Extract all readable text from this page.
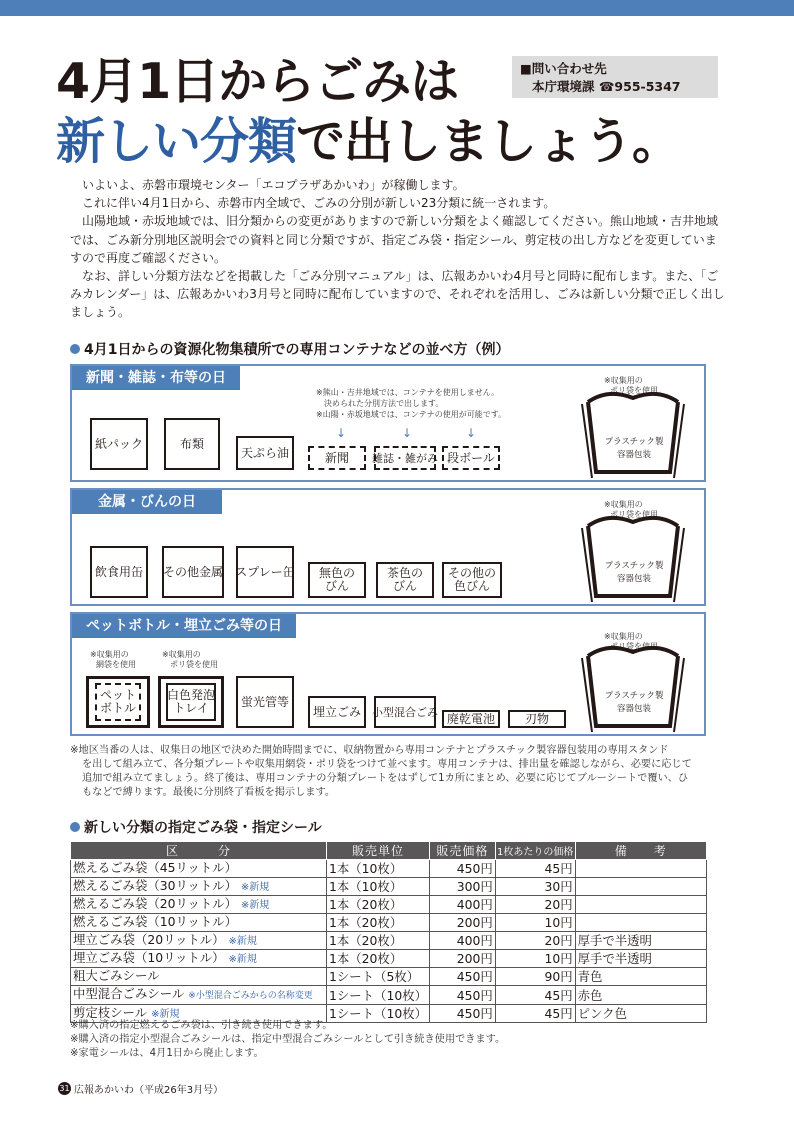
4月1日からごみは
新しい分類で出しましょう。
■問い合わせ先
本庁環境課 ☎955-5347

いよいよ、赤磐市環境センター「エコプラザあかいわ」が稼働します。

これに伴い4月1日から、赤磐市内全域で、ごみの分別が新しい23分類に統一されます。

山陽地域・赤坂地域では、旧分類からの変更がありますので新しい分類をよく確認してください。熊山地域・吉井地域では、ごみ新分別地区説明会での資料と同じ分類ですが、指定ごみ袋・指定シール、剪定枝の出し方などを変更していますので再度ご確認ください。

なお、詳しい分類方法などを掲載した「ごみ分別マニュアル」は、広報あかいわ4月号と同時に配布します。また、「ごみカレンダー」は、広報あかいわ3月号と同時に配布していますので、それぞれを活用し、ごみは新しい分類で正しく出しましょう。

4月1日からの資源化物集積所での専用コンテナなどの並べ方（例）
新聞・雑誌・布等の日
※熊山・吉井地域では、コンテナを使用しません。
決められた分別方法で出します。
※山陽・赤坂地域では、コンテナの使用が可能です。
↓	↓	↓
紙パック	布類
天ぷら油	新聞	雑誌・雑がみ 段ボール
※収集用の
ポリ袋を使用
プラスチック製
容器包装
金属・びんの日
飲食用缶	その他金属 スプレー缶 無色の
びん
茶色の
びん
その他の
色びん
※収集用の
ポリ袋を使用
プラスチック製
容器包装
ペットボトル・埋立ごみ等の日
※収集用の
網袋を使用
※収集用の
ポリ袋を使用
ペット
ボトル
白色発泡
トレイ	蛍光管等
埋立ごみ	小型混合ごみ 廃乾電池	刃物
※収集用の
ポリ袋を使用
プラスチック製
容器包装
※地区当番の人は、収集日の地区で決めた開始時間までに、収納物置から専用コンテナとプラスチック製容器包装用の専用スタンド
を出して組み立て、各分類プレートや収集用網袋・ポリ袋をつけて並べます。専用コンテナは、排出量を確認しながら、必要に応じて
追加で組み立てましょう。終了後は、専用コンテナの分類プレートをはずして1カ所にまとめ、必要に応じてブルーシートで覆い、ひ
もなどで縛ります。最後に分別終了看板を掲示します。
新しい分類の指定ごみ袋・指定シール
区　　　分	販売単位	販売価格	1枚あたりの価格	備　　考
燃えるごみ袋（45リットル）	1本（10枚）	450円	45円	
燃えるごみ袋（30リットル） ※新規	1本（10枚）	300円	30円	
燃えるごみ袋（20リットル） ※新規	1本（20枚）	400円	20円	
燃えるごみ袋（10リットル）	1本（20枚）	200円	10円	
埋立ごみ袋（20リットル） ※新規	1本（20枚）	400円	20円	厚手で半透明
埋立ごみ袋（10リットル） ※新規	1本（20枚）	200円	10円	厚手で半透明
粗大ごみシール	1シート（5枚）	450円	90円	青色
中型混合ごみシール ※小型混合ごみからの名称変更	1シート（10枚）	450円	45円	赤色
剪定枝シール ※新規	1シート（10枚）	450円	45円	ピンク色
※購入済の指定燃えるごみ袋は、引き続き使用できます。
※購入済の指定小型混合ごみシールは、指定中型混合ごみシールとして引き続き使用できます。
※家電シールは、4月1日から廃止します。
31 広報あかいわ（平成26年3月号）
